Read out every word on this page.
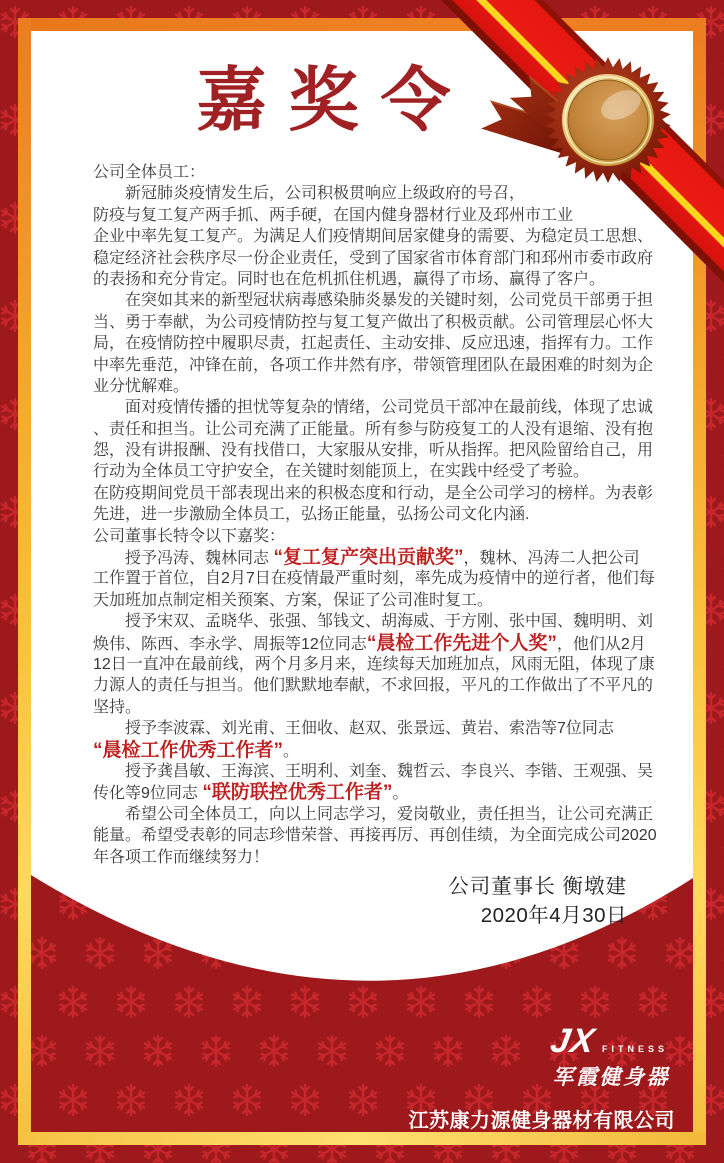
嘉奖令
公司全体员工：
新冠肺炎疫情发生后，公司积极贯响应上级政府的号召，
防疫与复工复产两手抓、两手硬，在国内健身器材行业及邳州市工业
企业中率先复工复产。为满足人们疫情期间居家健身的需要、为稳定员工思想、
稳定经济社会秩序尽一份企业责任，受到了国家省市体育部门和邳州市委市政府
的表扬和充分肯定。同时也在危机抓住机遇，赢得了市场、赢得了客户。
在突如其来的新型冠状病毒感染肺炎暴发的关键时刻，公司党员干部勇于担
当、勇于奉献，为公司疫情防控与复工复产做出了积极贡献。公司管理层心怀大
局，在疫情防控中履职尽责，扛起责任、主动安排、反应迅速，指挥有力。工作
中率先垂范，冲锋在前，各项工作井然有序，带领管理团队在最困难的时刻为企
业分忧解难。
面对疫情传播的担忧等复杂的情绪，公司党员干部冲在最前线，体现了忠诚
、责任和担当。让公司充满了正能量。所有参与防疫复工的人没有退缩、没有抱
怨，没有讲报酬、没有找借口，大家服从安排，听从指挥。把风险留给自己，用
行动为全体员工守护安全，在关键时刻能顶上，在实践中经受了考验。
在防疫期间党员干部表现出来的积极态度和行动，是全公司学习的榜样。为表彰
先进，进一步激励全体员工，弘扬正能量，弘扬公司文化内涵.
公司董事长特令以下嘉奖：
授予冯涛、魏林同志 “复工复产突出贡献奖”，魏林、冯涛二人把公司
工作置于首位，自2月7日在疫情最严重时刻，率先成为疫情中的逆行者，他们每
天加班加点制定相关预案、方案，保证了公司准时复工。
授予宋双、孟晓华、张强、邹钱文、胡海威、于方刚、张中国、魏明明、刘
焕伟、陈西、李永学、周振等12位同志“晨检工作先进个人奖”，他们从2月
12日一直冲在最前线，两个月多月来，连续每天加班加点，风雨无阻，体现了康
力源人的责任与担当。他们默默地奉献，不求回报，平凡的工作做出了不平凡的
坚持。
授予李波霖、刘光甫、王佃收、赵双、张景远、黄岩、索浩等7位同志
“晨检工作优秀工作者”。
授予龚昌敏、王海滨、王明利、刘奎、魏哲云、李良兴、李锴、王观强、吴
传化等9位同志 “联防联控优秀工作者”。
希望公司全体员工，向以上同志学习，爱岗敬业，责任担当，让公司充满正
能量。希望受表彰的同志珍惜荣誉、再接再厉、再创佳绩，为全面完成公司2020
年各项工作而继续努力！
公司董事长 衡墩建
2020年4月30日
JX FITNESS
军霞健身器
江苏康力源健身器材有限公司
